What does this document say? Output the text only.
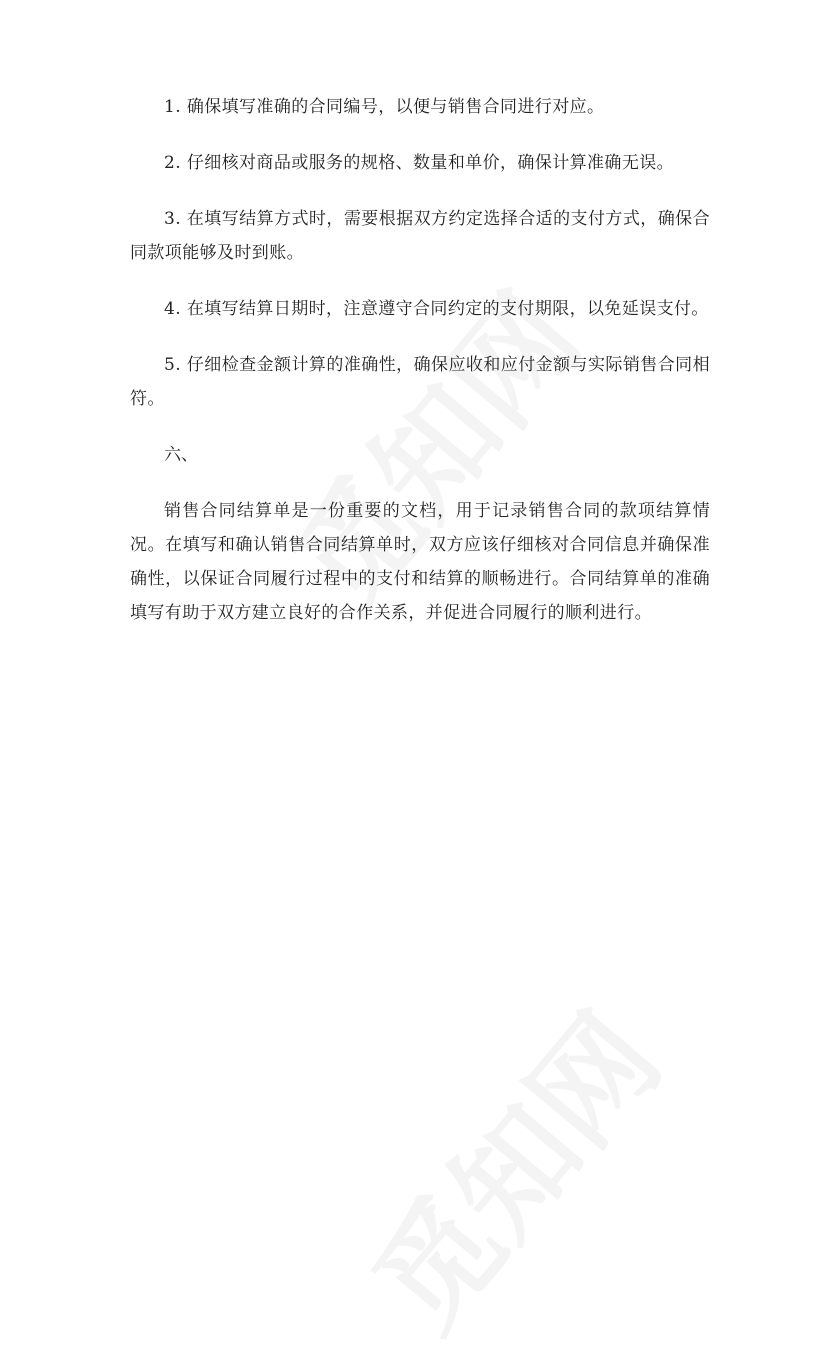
1. 确保填写准确的合同编号，以便与销售合同进行对应。

2. 仔细核对商品或服务的规格、数量和单价，确保计算准确无误。

3. 在填写结算方式时，需要根据双方约定选择合适的支付方式，确保合同款项能够及时到账。

4. 在填写结算日期时，注意遵守合同约定的支付期限，以免延误支付。

5. 仔细检查金额计算的准确性，确保应收和应付金额与实际销售合同相符。

六、

销售合同结算单是一份重要的文档，用于记录销售合同的款项结算情况。在填写和确认销售合同结算单时，双方应该仔细核对合同信息并确保准确性，以保证合同履行过程中的支付和结算的顺畅进行。合同结算单的准确填写有助于双方建立良好的合作关系，并促进合同履行的顺利进行。
